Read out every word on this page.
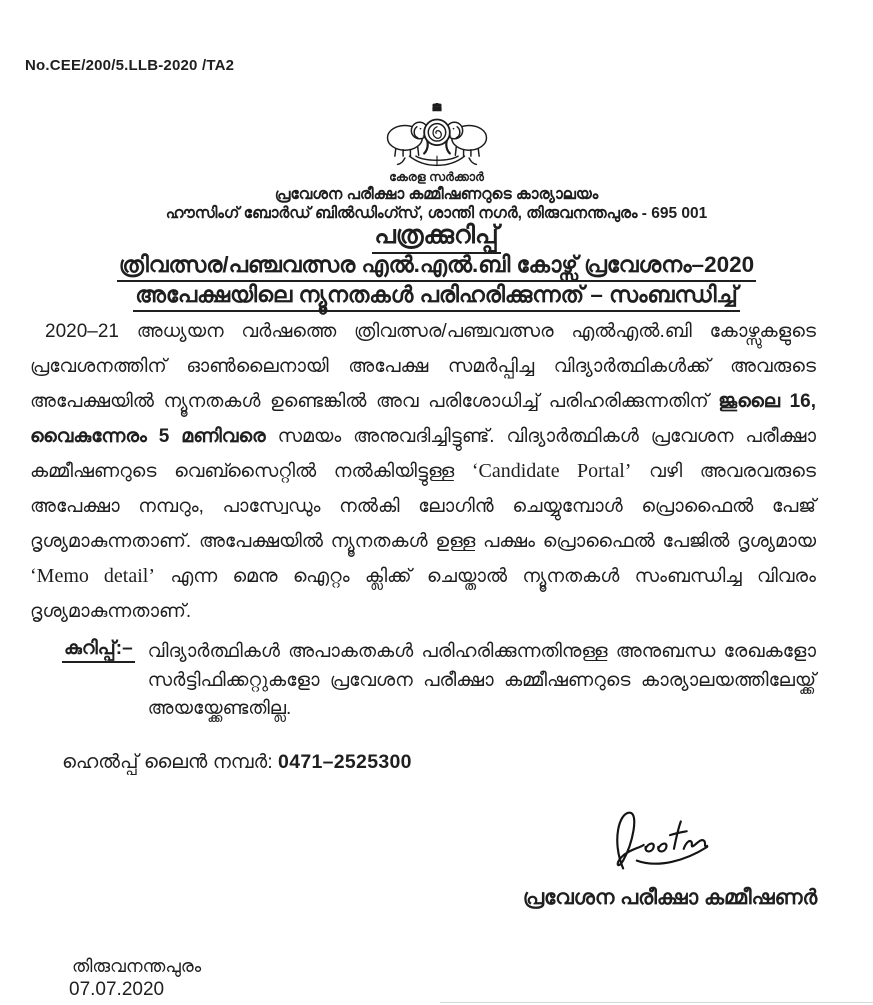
No.CEE/200/5.LLB-2020 /TA2
കേരള സർക്കാർ
പ്രവേശന പരീക്ഷാ കമ്മീഷണറുടെ കാര്യാലയം
ഹൗസിംഗ് ബോർഡ് ബിൽഡിംഗ്സ്, ശാന്തി നഗർ, തിരുവനന്തപുരം - 695 001
പത്രക്കുറിപ്പ്
ത്രിവത്സര/പഞ്ചവത്സര എൽ.എൽ.ബി കോഴ്സ് പ്രവേശനം–2020
അപേക്ഷയിലെ ന്യൂനതകൾ പരിഹരിക്കുന്നത് – സംബന്ധിച്ച്
2020–21 അധ്യയന വർഷത്തെ ത്രിവത്സര/പഞ്ചവത്സര എൽഎൽ.ബി കോഴ്സുകളുടെ പ്രവേശനത്തിന് ഓൺലൈനായി അപേക്ഷ സമർപ്പിച്ച വിദ്യാർത്ഥികൾക്ക് അവരുടെ അപേക്ഷയിൽ ന്യൂനതകൾ ഉണ്ടെങ്കിൽ അവ പരിശോധിച്ച് പരിഹരിക്കുന്നതിന് ജൂലൈ 16, വൈകുന്നേരം 5 മണിവരെ സമയം അനുവദിച്ചിട്ടുണ്ട്. വിദ്യാർത്ഥികൾ പ്രവേശന പരീക്ഷാ കമ്മീഷണറുടെ വെബ്സൈറ്റിൽ നൽകിയിട്ടുള്ള ‘Candidate Portal’ വഴി അവരവരുടെ അപേക്ഷാ നമ്പറും, പാസ്വേഡും നൽകി ലോഗിൻ ചെയ്യുമ്പോൾ പ്രൊഫൈൽ പേജ് ദൃശ്യമാകുന്നതാണ്. അപേക്ഷയിൽ ന്യൂനതകൾ ഉള്ള പക്ഷം പ്രൊഫൈൽ പേജിൽ ദൃശ്യമായ ‘Memo detail’ എന്ന മെനു ഐറ്റം ക്ലിക്ക് ചെയ്താൽ ന്യൂനതകൾ സംബന്ധിച്ച വിവരം ദൃശ്യമാകുന്നതാണ്.
കുറിപ്പ്:– വിദ്യാർത്ഥികൾ അപാകതകൾ പരിഹരിക്കുന്നതിനുള്ള അനുബന്ധ രേഖകളോ സർട്ടിഫിക്കറ്റുകളോ പ്രവേശന പരീക്ഷാ കമ്മീഷണറുടെ കാര്യാലയത്തിലേയ്ക്ക് അയയ്ക്കേണ്ടതില്ല.
ഹെൽപ്പ് ലൈൻ നമ്പർ: 0471–2525300
പ്രവേശന പരീക്ഷാ കമ്മീഷണർ
തിരുവനന്തപുരം
07.07.2020
